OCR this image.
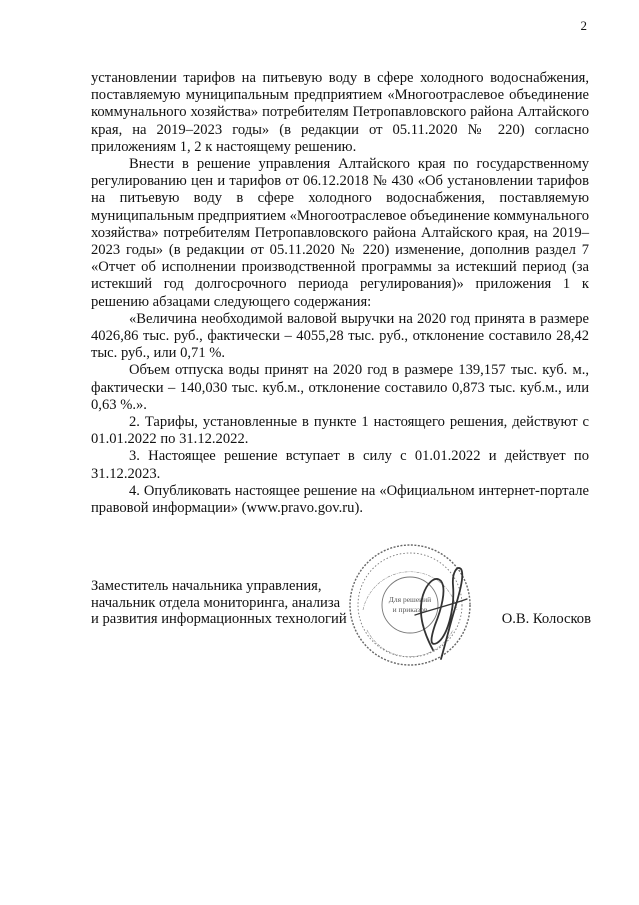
2

установлении тарифов на питьевую воду в сфере холодного водоснабжения, поставляемую муниципальным предприятием «Многоотраслевое объединение коммунального хозяйства» потребителям Петропавловского района Алтайского края, на 2019–2023 годы» (в редакции от 05.11.2020 № 220) согласно приложениям 1, 2 к настоящему решению.

Внести в решение управления Алтайского края по государственному регулированию цен и тарифов от 06.12.2018 № 430 «Об установлении тарифов на питьевую воду в сфере холодного водоснабжения, поставляемую муниципальным предприятием «Многоотраслевое объединение коммунального хозяйства» потребителям Петропавловского района Алтайского края, на 2019–2023 годы» (в редакции от 05.11.2020 № 220) изменение, дополнив раздел 7 «Отчет об исполнении производственной программы за истекший период (за истекший год долгосрочного периода регулирования)» приложения 1 к решению абзацами следующего содержания:

«Величина необходимой валовой выручки на 2020 год принята в размере 4026,86 тыс. руб., фактически – 4055,28 тыс. руб., отклонение составило 28,42 тыс. руб., или 0,71 %.

Объем отпуска воды принят на 2020 год в размере 139,157 тыс. куб. м., фактически – 140,030 тыс. куб.м., отклонение составило 0,873 тыс. куб.м., или 0,63 %.».

2. Тарифы, установленные в пункте 1 настоящего решения, действуют с 01.01.2022 по 31.12.2022.

3. Настоящее решение вступает в силу с 01.01.2022 и действует по 31.12.2023.

4. Опубликовать настоящее решение на «Официальном интернет-портале правовой информации» (www.pravo.gov.ru).

Заместитель начальника управления,
начальник отдела мониторинга, анализа
и развития информационных технологий	О.В. Колосков
Для решений
и приказов
